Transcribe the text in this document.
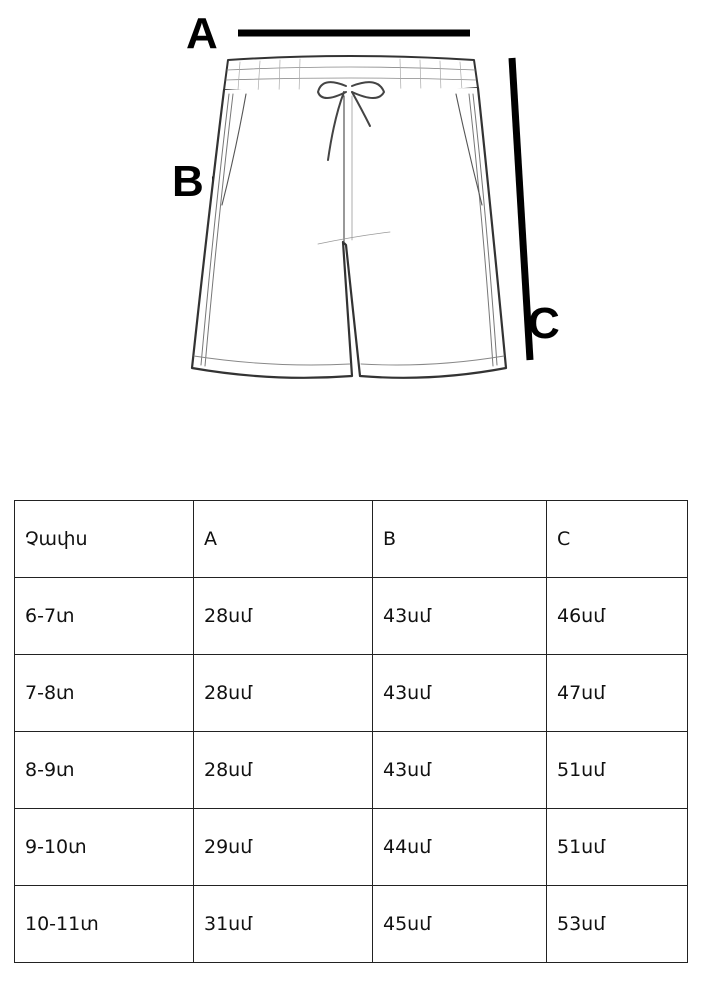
A
B
C
Չափս	A	B	C
6-7տ	28սմ	43սմ	46սմ
7-8տ	28սմ	43սմ	47սմ
8-9տ	28սմ	43սմ	51սմ
9-10տ	29սմ	44սմ	51սմ
10-11տ	31սմ	45սմ	53սմ
